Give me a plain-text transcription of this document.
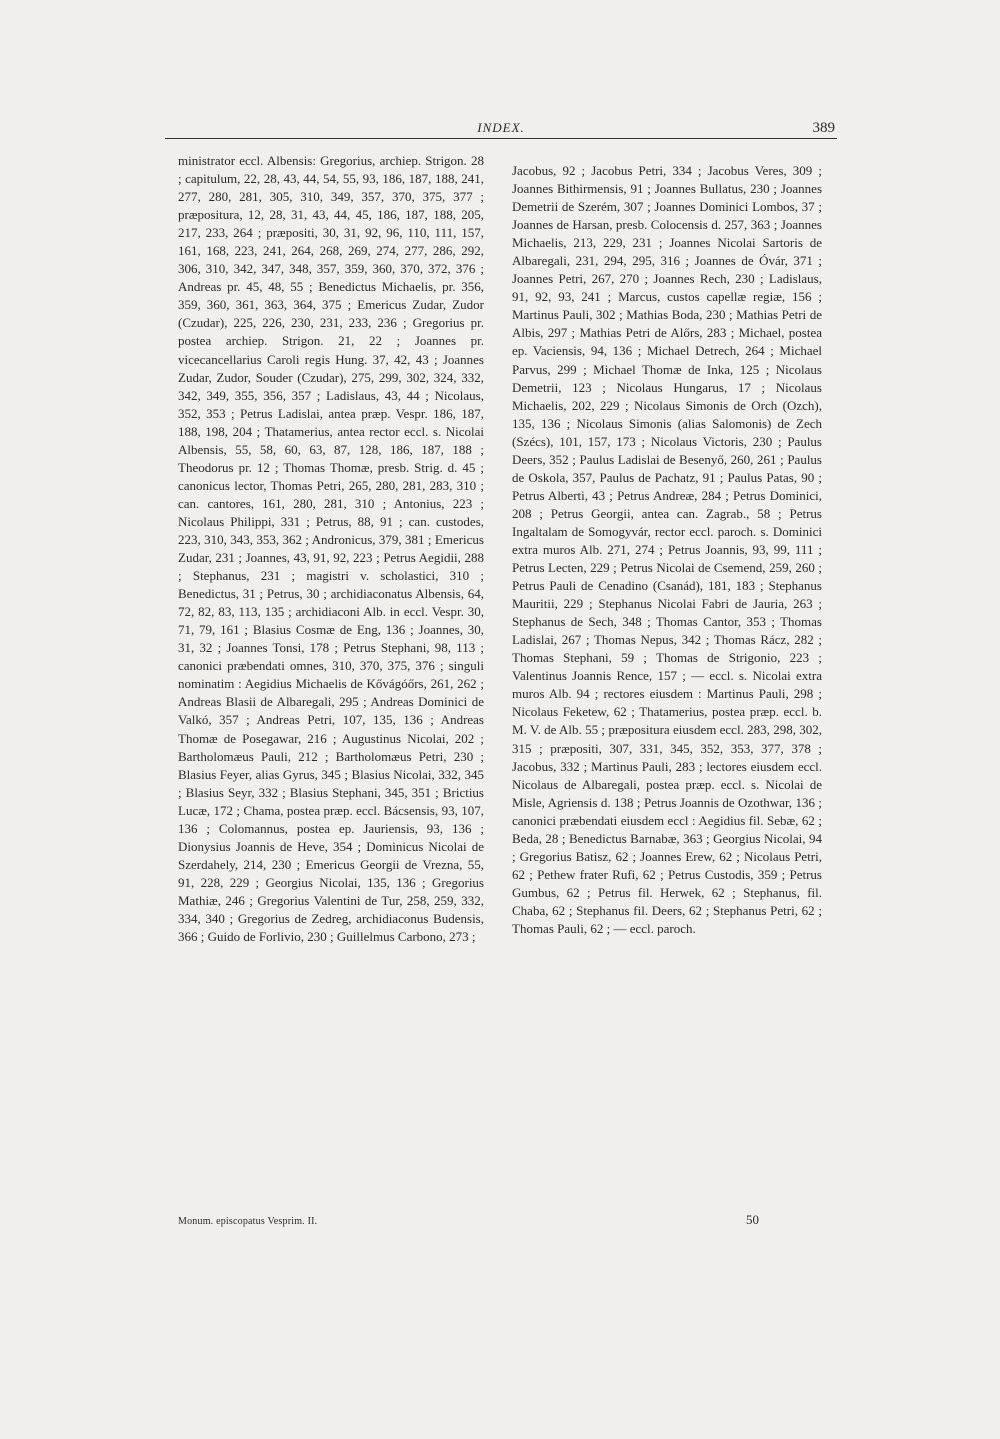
INDEX.	389
ministrator eccl. Albensis: Gregorius, archiep. Strigon. 28 ; capitulum, 22, 28, 43, 44, 54, 55, 93, 186, 187, 188, 241, 277, 280, 281, 305, 310, 349, 357, 370, 375, 377 ; præpositura, 12, 28, 31, 43, 44, 45, 186, 187, 188, 205, 217, 233, 264 ; præpositi, 30, 31, 92, 96, 110, 111, 157, 161, 168, 223, 241, 264, 268, 269, 274, 277, 286, 292, 306, 310, 342, 347, 348, 357, 359, 360, 370, 372, 376 ; Andreas pr. 45, 48, 55 ; Benedictus Michaelis, pr. 356, 359, 360, 361, 363, 364, 375 ; Emericus Zudar, Zudor (Czudar), 225, 226, 230, 231, 233, 236 ; Gregorius pr. postea archiep. Strigon. 21, 22 ; Joannes pr. vicecancellarius Caroli regis Hung. 37, 42, 43 ; Joannes Zudar, Zudor, Souder (Czudar), 275, 299, 302, 324, 332, 342, 349, 355, 356, 357 ; Ladislaus, 43, 44 ; Nicolaus, 352, 353 ; Petrus Ladislai, antea præp. Vespr. 186, 187, 188, 198, 204 ; Thatamerius, antea rector eccl. s. Nicolai Albensis, 55, 58, 60, 63, 87, 128, 186, 187, 188 ; Theodorus pr. 12 ; Thomas Thomæ, presb. Strig. d. 45 ; canonicus lector, Thomas Petri, 265, 280, 281, 283, 310 ; can. cantores, 161, 280, 281, 310 ; Antonius, 223 ; Nicolaus Philippi, 331 ; Petrus, 88, 91 ; can. custodes, 223, 310, 343, 353, 362 ; Andronicus, 379, 381 ; Emericus Zudar, 231 ; Joannes, 43, 91, 92, 223 ; Petrus Aegidii, 288 ; Stephanus, 231 ; magistri v. scholastici, 310 ; Benedictus, 31 ; Petrus, 30 ; archidiaconatus Albensis, 64, 72, 82, 83, 113, 135 ; archidiaconi Alb. in eccl. Vespr. 30, 71, 79, 161 ; Blasius Cosmæ de Eng, 136 ; Joannes, 30, 31, 32 ; Joannes Tonsi, 178 ; Petrus Stephani, 98, 113 ; canonici præbendati omnes, 310, 370, 375, 376 ; singuli nominatim : Aegidius Michaelis de Kővágóőrs, 261, 262 ; Andreas Blasii de Albaregali, 295 ; Andreas Dominici de Valkó, 357 ; Andreas Petri, 107, 135, 136 ; Andreas Thomæ de Posegawar, 216 ; Augustinus Nicolai, 202 ; Bartholomæus Pauli, 212 ; Bartholomæus Petri, 230 ; Blasius Feyer, alias Gyrus, 345 ; Blasius Nicolai, 332, 345 ; Blasius Seyr, 332 ; Blasius Stephani, 345, 351 ; Brictius Lucæ, 172 ; Chama, postea præp. eccl. Bácsensis, 93, 107, 136 ; Colomannus, postea ep. Jauriensis, 93, 136 ; Dionysius Joannis de Heve, 354 ; Dominicus Nicolai de Szerdahely, 214, 230 ; Emericus Georgii de Vrezna, 55, 91, 228, 229 ; Georgius Nicolai, 135, 136 ; Gregorius Mathiæ, 246 ; Gregorius Valentini de Tur, 258, 259, 332, 334, 340 ; Gregorius de Zedreg, archidiaconus Budensis, 366 ; Guido de Forlivio, 230 ; Guillelmus Carbono, 273 ;
Jacobus, 92 ; Jacobus Petri, 334 ; Jacobus Veres, 309 ; Joannes Bithirmensis, 91 ; Joannes Bullatus, 230 ; Joannes Demetrii de Szerém, 307 ; Joannes Dominici Lombos, 37 ; Joannes de Harsan, presb. Colocensis d. 257, 363 ; Joannes Michaelis, 213, 229, 231 ; Joannes Nicolai Sartoris de Albaregali, 231, 294, 295, 316 ; Joannes de Óvár, 371 ; Joannes Petri, 267, 270 ; Joannes Rech, 230 ; Ladislaus, 91, 92, 93, 241 ; Marcus, custos capellæ regiæ, 156 ; Martinus Pauli, 302 ; Mathias Boda, 230 ; Mathias Petri de Albis, 297 ; Mathias Petri de Alőrs, 283 ; Michael, postea ep. Vaciensis, 94, 136 ; Michael Detrech, 264 ; Michael Parvus, 299 ; Michael Thomæ de Inka, 125 ; Nicolaus Demetrii, 123 ; Nicolaus Hungarus, 17 ; Nicolaus Michaelis, 202, 229 ; Nicolaus Simonis de Orch (Ozch), 135, 136 ; Nicolaus Simonis (alias Salomonis) de Zech (Szécs), 101, 157, 173 ; Nicolaus Victoris, 230 ; Paulus Deers, 352 ; Paulus Ladislai de Besenyő, 260, 261 ; Paulus de Oskola, 357, Paulus de Pachatz, 91 ; Paulus Patas, 90 ; Petrus Alberti, 43 ; Petrus Andreæ, 284 ; Petrus Dominici, 208 ; Petrus Georgii, antea can. Zagrab., 58 ; Petrus Ingaltalam de Somogyvár, rector eccl. paroch. s. Dominici extra muros Alb. 271, 274 ; Petrus Joannis, 93, 99, 111 ; Petrus Lecten, 229 ; Petrus Nicolai de Csemend, 259, 260 ; Petrus Pauli de Cenadino (Csanád), 181, 183 ; Stephanus Mauritii, 229 ; Stephanus Nicolai Fabri de Jauria, 263 ; Stephanus de Sech, 348 ; Thomas Cantor, 353 ; Thomas Ladislai, 267 ; Thomas Nepus, 342 ; Thomas Rácz, 282 ; Thomas Stephani, 59 ; Thomas de Strigonio, 223 ; Valentinus Joannis Rence, 157 ; — eccl. s. Nicolai extra muros Alb. 94 ; rectores eiusdem : Martinus Pauli, 298 ; Nicolaus Feketew, 62 ; Thatamerius, postea præp. eccl. b. M. V. de Alb. 55 ; præpositura eiusdem eccl. 283, 298, 302, 315 ; præpositi, 307, 331, 345, 352, 353, 377, 378 ; Jacobus, 332 ; Martinus Pauli, 283 ; lectores eiusdem eccl. Nicolaus de Albaregali, postea præp. eccl. s. Nicolai de Misle, Agriensis d. 138 ; Petrus Joannis de Ozothwar, 136 ; canonici præbendati eiusdem eccl : Aegidius fil. Sebæ, 62 ; Beda, 28 ; Benedictus Barnabæ, 363 ; Georgius Nicolai, 94 ; Gregorius Batisz, 62 ; Joannes Erew, 62 ; Nicolaus Petri, 62 ; Pethew frater Rufi, 62 ; Petrus Custodis, 359 ; Petrus Gumbus, 62 ; Petrus fil. Herwek, 62 ; Stephanus, fil. Chaba, 62 ; Stephanus fil. Deers, 62 ; Stephanus Petri, 62 ; Thomas Pauli, 62 ; — eccl. paroch.
Monum. episcopatus Vesprim. II.	50
